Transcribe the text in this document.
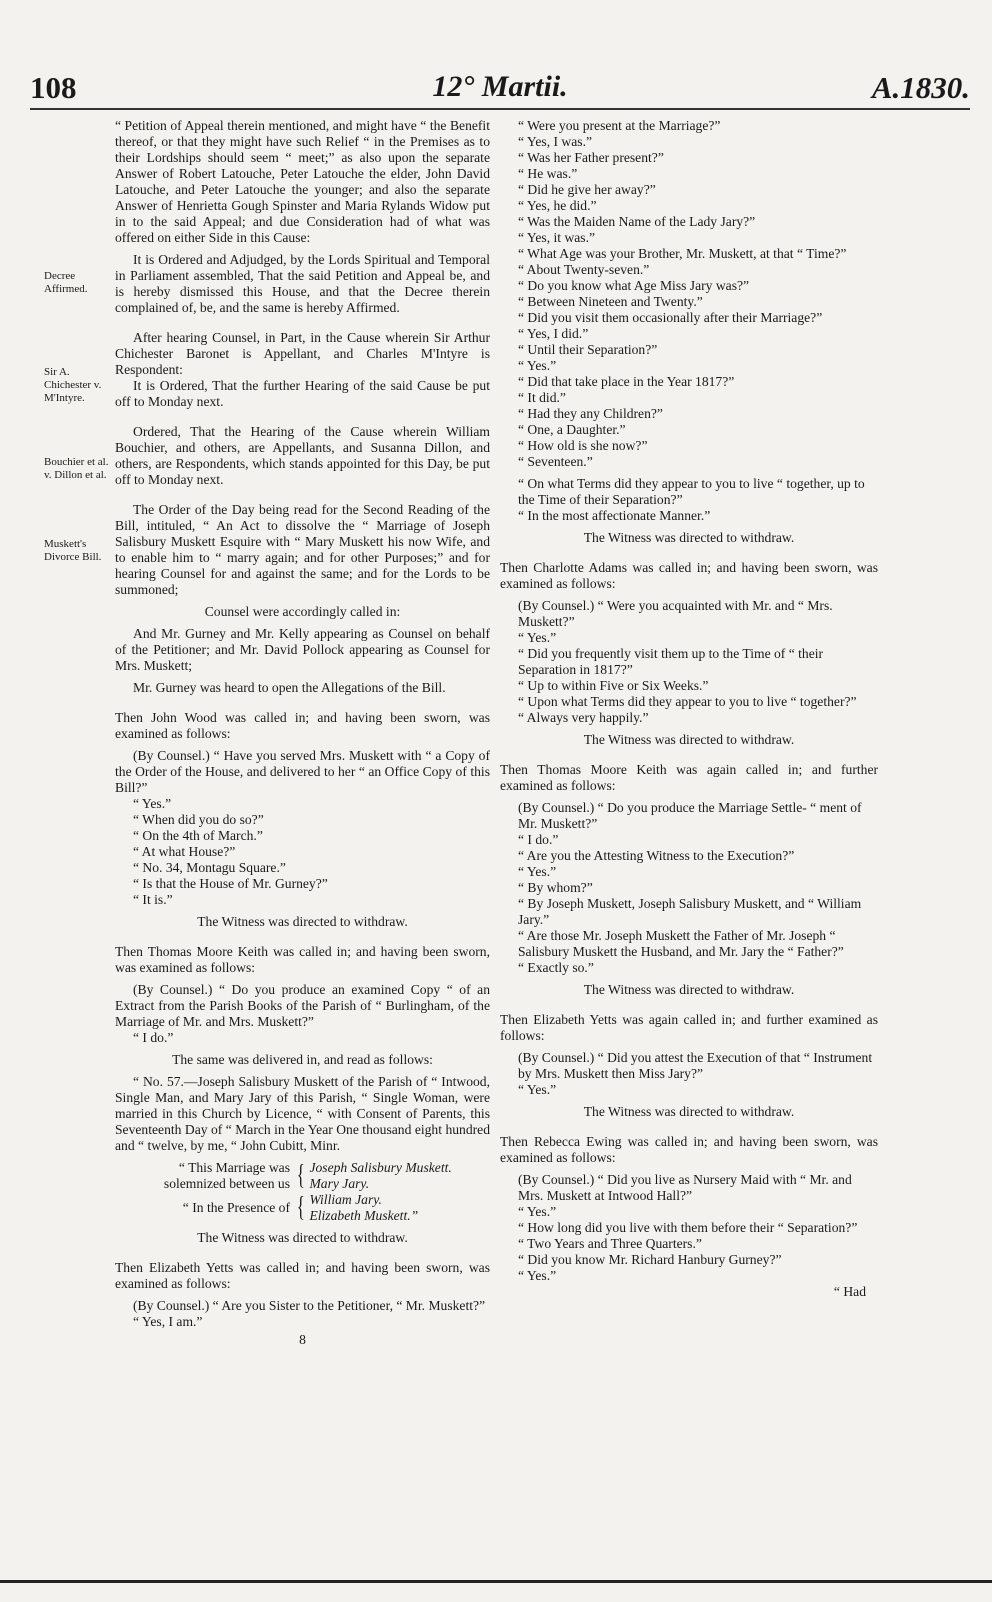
108	12° Martii.	A.1830.
Decree Affirmed.
Sir A. Chichester v. M'Intyre.
Bouchier et al. v. Dillon et al.
Muskett's Divorce Bill.

“ Petition of Appeal therein mentioned, and might have “ the Benefit thereof, or that they might have such Relief “ in the Premises as to their Lordships should seem “ meet;” as also upon the separate Answer of Robert Latouche, Peter Latouche the elder, John David Latouche, and Peter Latouche the younger; and also the separate Answer of Henrietta Gough Spinster and Maria Rylands Widow put in to the said Appeal; and due Consideration had of what was offered on either Side in this Cause:

It is Ordered and Adjudged, by the Lords Spiritual and Temporal in Parliament assembled, That the said Petition and Appeal be, and is hereby dismissed this House, and that the Decree therein complained of, be, and the same is hereby Affirmed.

After hearing Counsel, in Part, in the Cause wherein Sir Arthur Chichester Baronet is Appellant, and Charles M'Intyre is Respondent:

It is Ordered, That the further Hearing of the said Cause be put off to Monday next.

Ordered, That the Hearing of the Cause wherein William Bouchier, and others, are Appellants, and Susanna Dillon, and others, are Respondents, which stands appointed for this Day, be put off to Monday next.

The Order of the Day being read for the Second Reading of the Bill, intituled, “ An Act to dissolve the “ Marriage of Joseph Salisbury Muskett Esquire with “ Mary Muskett his now Wife, and to enable him to “ marry again; and for other Purposes;” and for hearing Counsel for and against the same; and for the Lords to be summoned;

Counsel were accordingly called in:

And Mr. Gurney and Mr. Kelly appearing as Counsel on behalf of the Petitioner; and Mr. David Pollock appearing as Counsel for Mrs. Muskett;

Mr. Gurney was heard to open the Allegations of the Bill.

Then John Wood was called in; and having been sworn, was examined as follows:

(By Counsel.) “ Have you served Mrs. Muskett with “ a Copy of the Order of the House, and delivered to her “ an Office Copy of this Bill?”

“ Yes.”
“ When did you do so?”
“ On the 4th of March.”
“ At what House?”
“ No. 34, Montagu Square.”
“ Is that the House of Mr. Gurney?”
“ It is.”

The Witness was directed to withdraw.

Then Thomas Moore Keith was called in; and having been sworn, was examined as follows:

(By Counsel.) “ Do you produce an examined Copy “ of an Extract from the Parish Books of the Parish of “ Burlingham, of the Marriage of Mr. and Mrs. Muskett?”

“ I do.”

The same was delivered in, and read as follows:

“ No. 57.—Joseph Salisbury Muskett of the Parish of “ Intwood, Single Man, and Mary Jary of this Parish, “ Single Woman, were married in this Church by Licence, “ with Consent of Parents, this Seventeenth Day of “ March in the Year One thousand eight hundred and “ twelve, by me, “ John Cubitt, Minr.

“ This Marriage was solemnized between us { Joseph Salisbury Muskett.
Mary Jary.
“ In the Presence of { William Jary.
Elizabeth Muskett.”

The Witness was directed to withdraw.

Then Elizabeth Yetts was called in; and having been sworn, was examined as follows:

(By Counsel.) “ Are you Sister to the Petitioner, “ Mr. Muskett?”

“ Yes, I am.”
8
“ Were you present at the Marriage?”
“ Yes, I was.”
“ Was her Father present?”
“ He was.”
“ Did he give her away?”
“ Yes, he did.”
“ Was the Maiden Name of the Lady Jary?”
“ Yes, it was.”
“ What Age was your Brother, Mr. Muskett, at that “ Time?”
“ About Twenty-seven.”
“ Do you know what Age Miss Jary was?”
“ Between Nineteen and Twenty.”
“ Did you visit them occasionally after their Marriage?”
“ Yes, I did.”
“ Until their Separation?”
“ Yes.”
“ Did that take place in the Year 1817?”
“ It did.”
“ Had they any Children?”
“ One, a Daughter.”
“ How old is she now?”
“ Seventeen.”
“ On what Terms did they appear to you to live “ together, up to the Time of their Separation?”
“ In the most affectionate Manner.”

The Witness was directed to withdraw.

Then Charlotte Adams was called in; and having been sworn, was examined as follows:

(By Counsel.) “ Were you acquainted with Mr. and “ Mrs. Muskett?”
“ Yes.”
“ Did you frequently visit them up to the Time of “ their Separation in 1817?”
“ Up to within Five or Six Weeks.”
“ Upon what Terms did they appear to you to live “ together?”
“ Always very happily.”

The Witness was directed to withdraw.

Then Thomas Moore Keith was again called in; and further examined as follows:

(By Counsel.) “ Do you produce the Marriage Settle- “ ment of Mr. Muskett?”
“ I do.”
“ Are you the Attesting Witness to the Execution?”
“ Yes.”
“ By whom?”
“ By Joseph Muskett, Joseph Salisbury Muskett, and “ William Jary.”
“ Are those Mr. Joseph Muskett the Father of Mr. Joseph “ Salisbury Muskett the Husband, and Mr. Jary the “ Father?”
“ Exactly so.”

The Witness was directed to withdraw.

Then Elizabeth Yetts was again called in; and further examined as follows:

(By Counsel.) “ Did you attest the Execution of that “ Instrument by Mrs. Muskett then Miss Jary?”
“ Yes.”

The Witness was directed to withdraw.

Then Rebecca Ewing was called in; and having been sworn, was examined as follows:

(By Counsel.) “ Did you live as Nursery Maid with “ Mr. and Mrs. Muskett at Intwood Hall?”
“ Yes.”
“ How long did you live with them before their “ Separation?”
“ Two Years and Three Quarters.”
“ Did you know Mr. Richard Hanbury Gurney?”
“ Yes.”
“ Had
